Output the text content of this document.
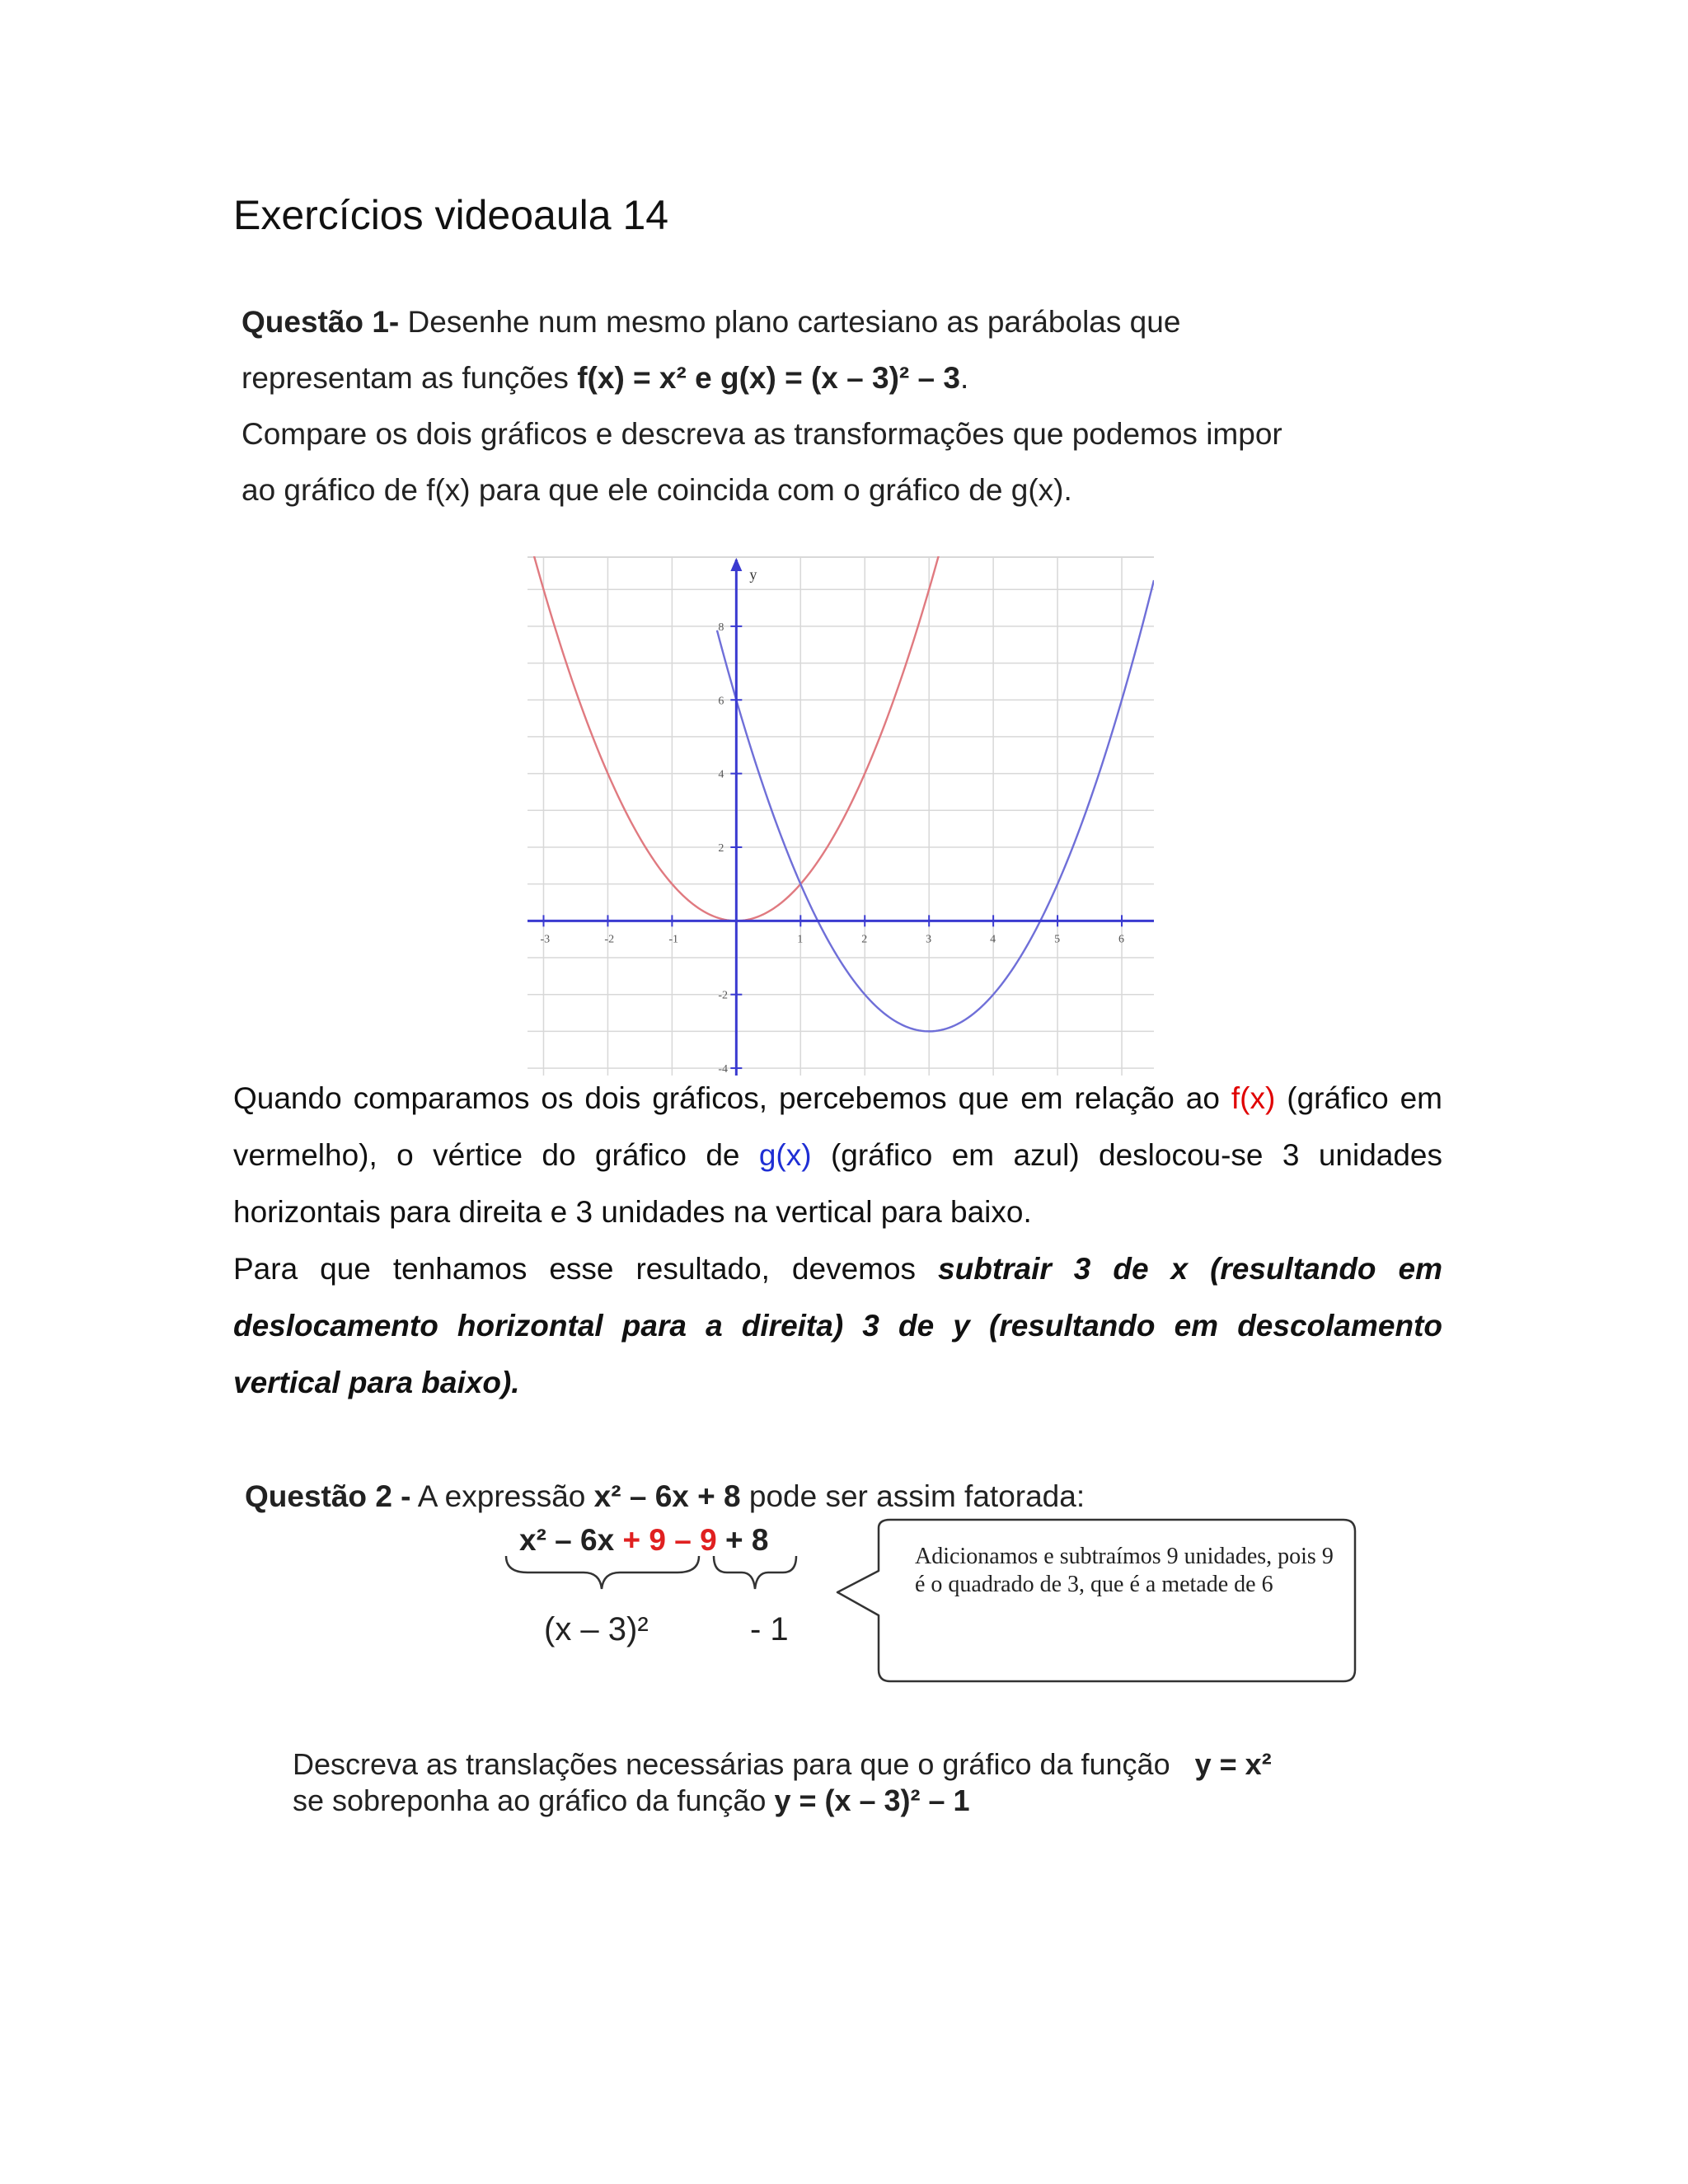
Exercícios videoaula 14
Questão 1- Desenhe num mesmo plano cartesiano as parábolas que
representam as funções f(x) = x² e g(x) = (x – 3)² – 3.
Compare os dois gráficos e descreva as transformações que podemos impor
ao gráfico de f(x) para que ele coincida com o gráfico de g(x).
y
-3	-2	-1	1	2	3	4	5	6
-4
-2
2
4
6
8
Quando comparamos os dois gráficos, percebemos que em relação ao f(x) (gráfico em vermelho), o vértice do gráfico de g(x) (gráfico em azul) deslocou-se 3 unidades horizontais para direita e 3 unidades na vertical para baixo.
Para que tenhamos esse resultado, devemos subtrair 3 de x (resultando em deslocamento horizontal para a direita) 3 de y (resultando em descolamento vertical para baixo).
Questão 2 - A expressão x² – 6x + 8 pode ser assim fatorada:
x² – 6x + 9 – 9 + 8
(x – 3)²	- 1
Adicionamos e subtraímos 9 unidades, pois 9 é o quadrado de 3, que é a metade de 6
Descreva as translações necessárias para que o gráfico da função y = x²
se sobreponha ao gráfico da função y = (x – 3)² – 1
